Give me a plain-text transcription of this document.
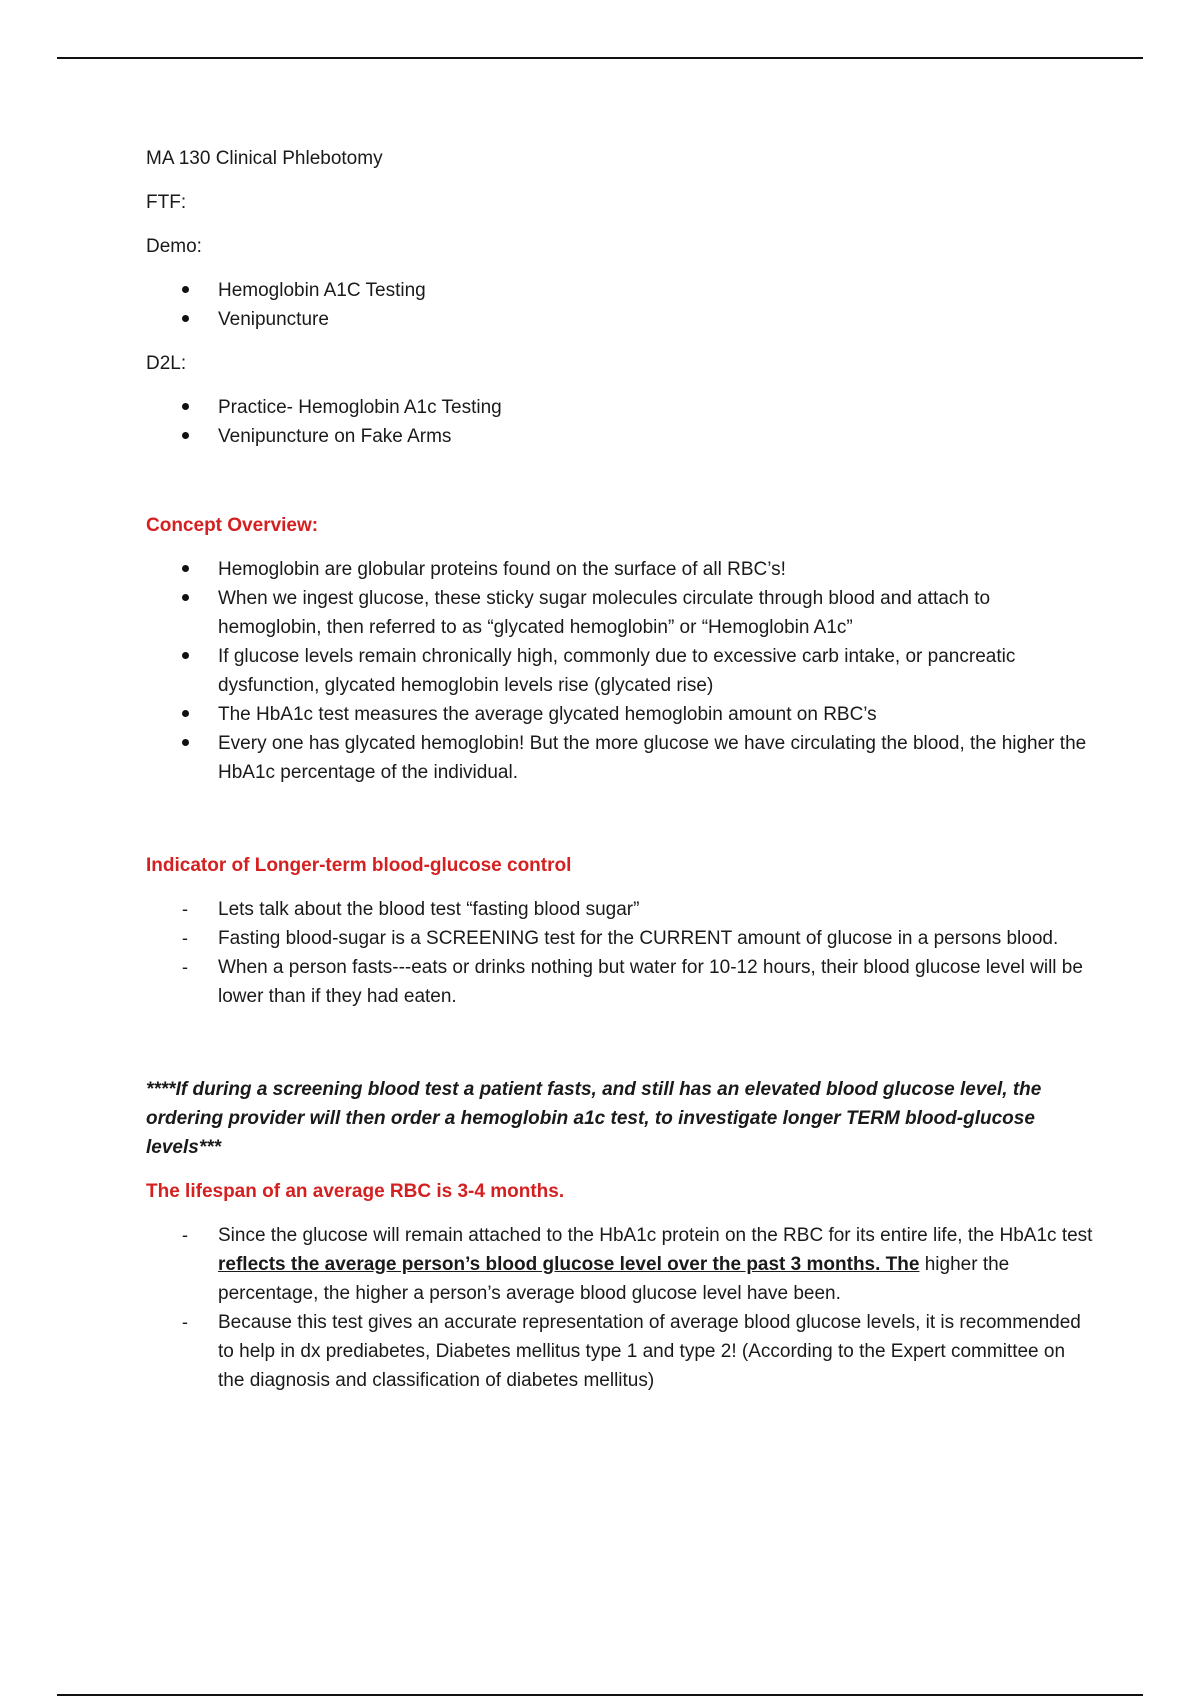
MA 130 Clinical Phlebotomy

FTF:

Demo:

Hemoglobin A1C Testing
Venipuncture

D2L:

Practice- Hemoglobin A1c Testing
Venipuncture on Fake Arms

Concept Overview:

Hemoglobin are globular proteins found on the surface of all RBC’s!
When we ingest glucose, these sticky sugar molecules circulate through blood and attach to hemoglobin, then referred to as “glycated hemoglobin” or “Hemoglobin A1c”
If glucose levels remain chronically high, commonly due to excessive carb intake, or pancreatic dysfunction, glycated hemoglobin levels rise (glycated rise)
The HbA1c test measures the average glycated hemoglobin amount on RBC’s
Every one has glycated hemoglobin! But the more glucose we have circulating the blood, the higher the HbA1c percentage of the individual.

Indicator of Longer-term blood-glucose control

-	Lets talk about the blood test “fasting blood sugar”
-	Fasting blood-sugar is a SCREENING test for the CURRENT amount of glucose in a persons blood.
-	When a person fasts---eats or drinks nothing but water for 10-12 hours, their blood glucose level will be lower than if they had eaten.

****If during a screening blood test a patient fasts, and still has an elevated blood glucose level, the ordering provider will then order a hemoglobin a1c test, to investigate longer TERM blood-glucose levels***

The lifespan of an average RBC is 3-4 months.

-	Since the glucose will remain attached to the HbA1c protein on the RBC for its entire life, the HbA1c test reflects the average person’s blood glucose level over the past 3 months. The higher the percentage, the higher a person’s average blood glucose level have been.
-	Because this test gives an accurate representation of average blood glucose levels, it is recommended to help in dx prediabetes, Diabetes mellitus type 1 and type 2! (According to the Expert committee on the diagnosis and classification of diabetes mellitus)
